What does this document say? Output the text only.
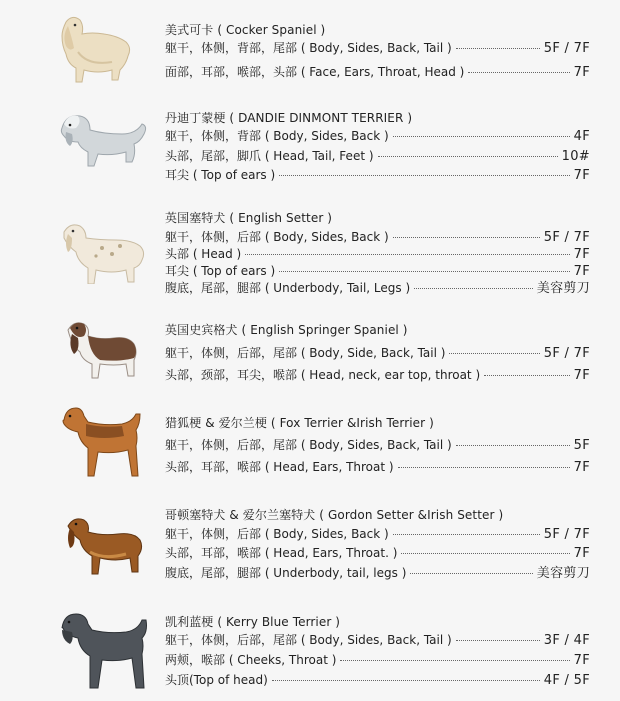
美式可卡 ( Cocker Spaniel )
躯干，体侧，背部，尾部 ( Body, Sides, Back, Tail )	5F / 7F
面部，耳部，喉部，头部 ( Face, Ears, Throat, Head )	7F
丹迪丁蒙梗 ( DANDIE DINMONT TERRIER )
躯干，体侧，背部 ( Body, Sides, Back )	4F
头部，尾部，脚爪 ( Head, Tail, Feet )	10#
耳尖 ( Top of ears )	7F
英国塞特犬 ( English Setter )
躯干，体侧，后部 ( Body, Sides, Back )	5F / 7F
头部 ( Head )	7F
耳尖 ( Top of ears )	7F
腹底，尾部，腿部 ( Underbody, Tail, Legs )	美容剪刀
英国史宾格犬 ( English Springer Spaniel )
躯干，体侧，后部，尾部 ( Body, Side, Back, Tail )	5F / 7F
头部，颈部，耳尖，喉部 ( Head, neck, ear top, throat )	7F
猎狐梗 & 爱尔兰梗 ( Fox Terrier &Irish Terrier )
躯干，体侧，后部，尾部 ( Body, Sides, Back, Tail )	5F
头部，耳部，喉部 ( Head, Ears, Throat )	7F
哥顿塞特犬 & 爱尔兰塞特犬 ( Gordon Setter &Irish Setter )
躯干，体侧，后部 ( Body, Sides, Back )	5F / 7F
头部，耳部，喉部 ( Head, Ears, Throat. )	7F
腹底，尾部，腿部 ( Underbody, tail, legs )	美容剪刀
凯利蓝梗 ( Kerry Blue Terrier )
躯干，体侧，后部，尾部 ( Body, Sides, Back, Tail )	3F / 4F
两颊，喉部 ( Cheeks, Throat )	7F
头顶(Top of head)	4F / 5F
